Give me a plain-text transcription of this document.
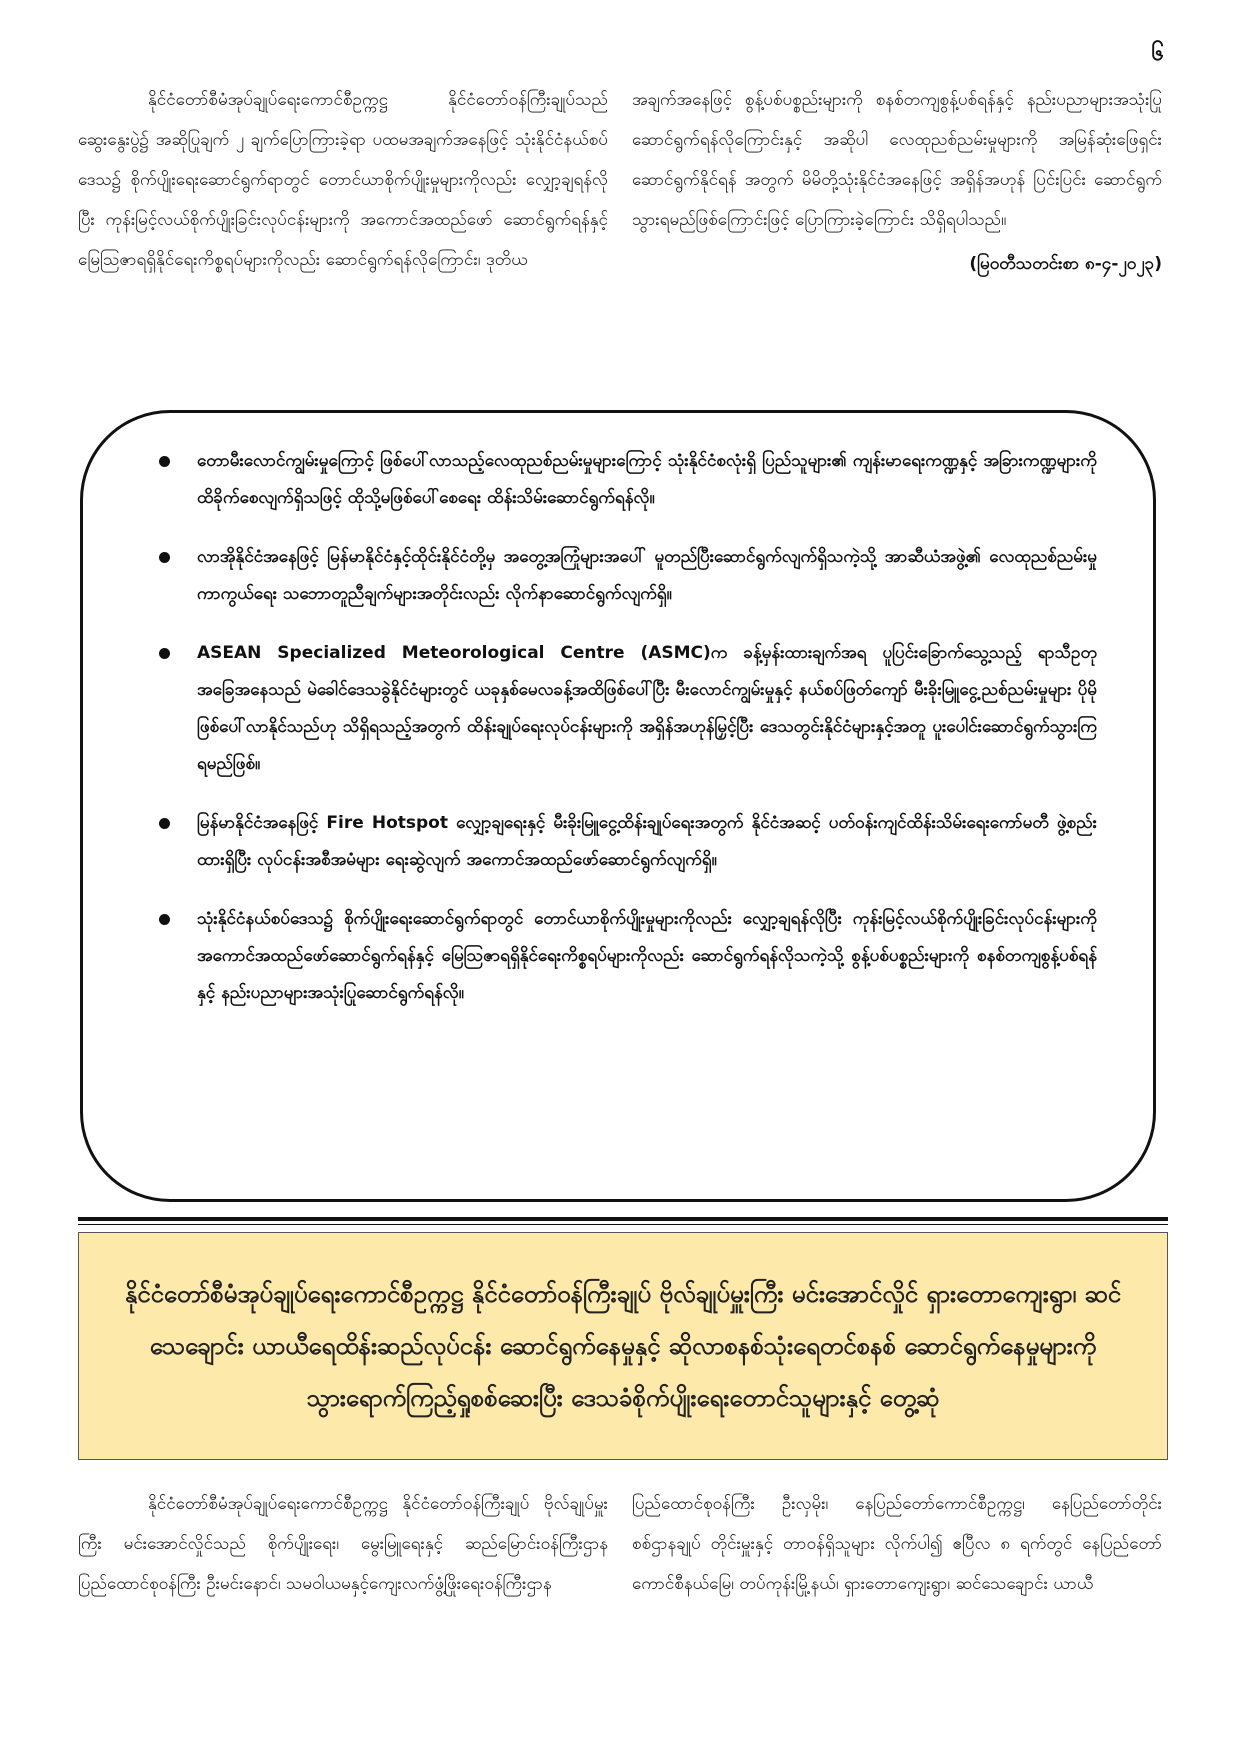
၆

နိုင်ငံတော်စီမံအုပ်ချုပ်ရေးကောင်စီဥက္ကဋ္ဌ နိုင်ငံတော်ဝန်ကြီးချုပ်သည် ဆွေးနွေးပွဲ၌ အဆိုပြုချက် ၂ ချက်ပြောကြားခဲ့ရာ ပထမအချက်အနေဖြင့် သုံးနိုင်ငံနယ်စပ်ဒေသ၌ စိုက်ပျိုးရေးဆောင်ရွက်ရာတွင် တောင်ယာစိုက်ပျိုးမှုများကိုလည်း လျှော့ချရန်လိုပြီး ကုန်းမြင့်လယ်စိုက်ပျိုးခြင်းလုပ်ငန်းများကို အကောင်အထည်ဖော် ဆောင်ရွက်ရန်နှင့် မြေဩဇာရရှိနိုင်ရေးကိစ္စရပ်များကိုလည်း ဆောင်ရွက်ရန်လိုကြောင်း၊ ဒုတိယ

အချက်အနေဖြင့် စွန့်ပစ်ပစ္စည်းများကို စနစ်တကျစွန့်ပစ်ရန်နှင့် နည်းပညာများအသုံးပြုဆောင်ရွက်ရန်လိုကြောင်းနှင့် အဆိုပါ လေထုညစ်ညမ်းမှုများကို အမြန်ဆုံးဖြေရှင်းဆောင်ရွက်နိုင်ရန် အတွက် မိမိတို့သုံးနိုင်ငံအနေဖြင့် အရှိန်အဟုန် ပြင်းပြင်း ဆောင်ရွက်သွားရမည်ဖြစ်ကြောင်းဖြင့် ပြောကြားခဲ့ကြောင်း သိရှိရပါသည်။

(မြဝတီသတင်းစာ ၈-၄-၂၀၂၃)

တောမီးလောင်ကျွမ်းမှုကြောင့် ဖြစ်ပေါ်လာသည့်လေထုညစ်ညမ်းမှုများကြောင့် သုံးနိုင်ငံစလုံးရှိ ပြည်သူများ၏ ကျန်းမာရေးကဏ္ဍနှင့် အခြားကဏ္ဍများကို ထိခိုက်စေလျက်ရှိသဖြင့် ထိုသို့မဖြစ်ပေါ်စေရေး ထိန်းသိမ်းဆောင်ရွက်ရန်လို။
လာအိုနိုင်ငံအနေဖြင့် မြန်မာနိုင်ငံနှင့်ထိုင်းနိုင်ငံတို့မှ အတွေ့အကြုံများအပေါ် မူတည်ပြီးဆောင်ရွက်လျက်ရှိသကဲ့သို့ အာဆီယံအဖွဲ့၏ လေထုညစ်ညမ်းမှုကာကွယ်ရေး သဘောတူညီချက်များအတိုင်းလည်း လိုက်နာဆောင်ရွက်လျက်ရှိ။
ASEAN Specialized Meteorological Centre (ASMC)က ခန့်မှန်းထားချက်အရ ပူပြင်းခြောက်သွေ့သည့် ရာသီဥတုအခြေအနေသည် မဲခေါင်ဒေသခွဲနိုင်ငံများတွင် ယခုနှစ်မေလခန့်အထိဖြစ်ပေါ်ပြီး မီးလောင်ကျွမ်းမှုနှင့် နယ်စပ်ဖြတ်ကျော် မီးခိုးမြူငွေ့ညစ်ညမ်းမှုများ ပိုမိုဖြစ်ပေါ်လာနိုင်သည်ဟု သိရှိရသည့်အတွက် ထိန်းချုပ်ရေးလုပ်ငန်းများကို အရှိန်အဟုန်မြှင့်ပြီး ဒေသတွင်းနိုင်ငံများနှင့်အတူ ပူးပေါင်းဆောင်ရွက်သွားကြရမည်ဖြစ်။
မြန်မာနိုင်ငံအနေဖြင့် Fire Hotspot လျှော့ချရေးနှင့် မီးခိုးမြူငွေ့ထိန်းချုပ်ရေးအတွက် နိုင်ငံအဆင့် ပတ်ဝန်းကျင်ထိန်းသိမ်းရေးကော်မတီ ဖွဲ့စည်းထားရှိပြီး လုပ်ငန်းအစီအမံများ ရေးဆွဲလျက် အကောင်အထည်ဖော်ဆောင်ရွက်လျက်ရှိ။
သုံးနိုင်ငံနယ်စပ်ဒေသ၌ စိုက်ပျိုးရေးဆောင်ရွက်ရာတွင် တောင်ယာစိုက်ပျိုးမှုများကိုလည်း လျှော့ချရန်လိုပြီး ကုန်းမြင့်လယ်စိုက်ပျိုးခြင်းလုပ်ငန်းများကို အကောင်အထည်ဖော်ဆောင်ရွက်ရန်နှင့် မြေဩဇာရရှိနိုင်ရေးကိစ္စရပ်များကိုလည်း ဆောင်ရွက်ရန်လိုသကဲ့သို့ စွန့်ပစ်ပစ္စည်းများကို စနစ်တကျစွန့်ပစ်ရန်နှင့် နည်းပညာများအသုံးပြုဆောင်ရွက်ရန်လို။
နိုင်ငံတော်စီမံအုပ်ချုပ်ရေးကောင်စီဥက္ကဋ္ဌ နိုင်ငံတော်ဝန်ကြီးချုပ် ဗိုလ်ချုပ်မှူးကြီး မင်းအောင်လှိုင် ရှားတောကျေးရွာ၊ ဆင်သေချောင်း ယာယီရေထိန်းဆည်လုပ်ငန်း ဆောင်ရွက်နေမှုနှင့် ဆိုလာစနစ်သုံးရေတင်စနစ် ဆောင်ရွက်နေမှုများကို သွားရောက်ကြည့်ရှုစစ်ဆေးပြီး ဒေသခံစိုက်ပျိုးရေးတောင်သူများနှင့် တွေ့ဆုံ

နိုင်ငံတော်စီမံအုပ်ချုပ်ရေးကောင်စီဥက္ကဋ္ဌ နိုင်ငံတော်ဝန်ကြီးချုပ် ဗိုလ်ချုပ်မှူးကြီး မင်းအောင်လှိုင်သည် စိုက်ပျိုးရေး၊ မွေးမြူရေးနှင့် ဆည်မြောင်းဝန်ကြီးဌာန ပြည်ထောင်စုဝန်ကြီး ဦးမင်းနောင်၊ သမဝါယမနှင့်ကျေးလက်ဖွံ့ဖြိုးရေးဝန်ကြီးဌာန

ပြည်ထောင်စုဝန်ကြီး ဦးလှမိုး၊ နေပြည်တော်ကောင်စီဥက္ကဋ္ဌ၊ နေပြည်တော်တိုင်းစစ်ဌာနချုပ် တိုင်းမှူးနှင့် တာဝန်ရှိသူများ လိုက်ပါ၍ ဧပြီလ ၈ ရက်တွင် နေပြည်တော်ကောင်စီနယ်မြေ၊ တပ်ကုန်းမြို့နယ်၊ ရှားတောကျေးရွာ၊ ဆင်သေချောင်း ယာယီ
